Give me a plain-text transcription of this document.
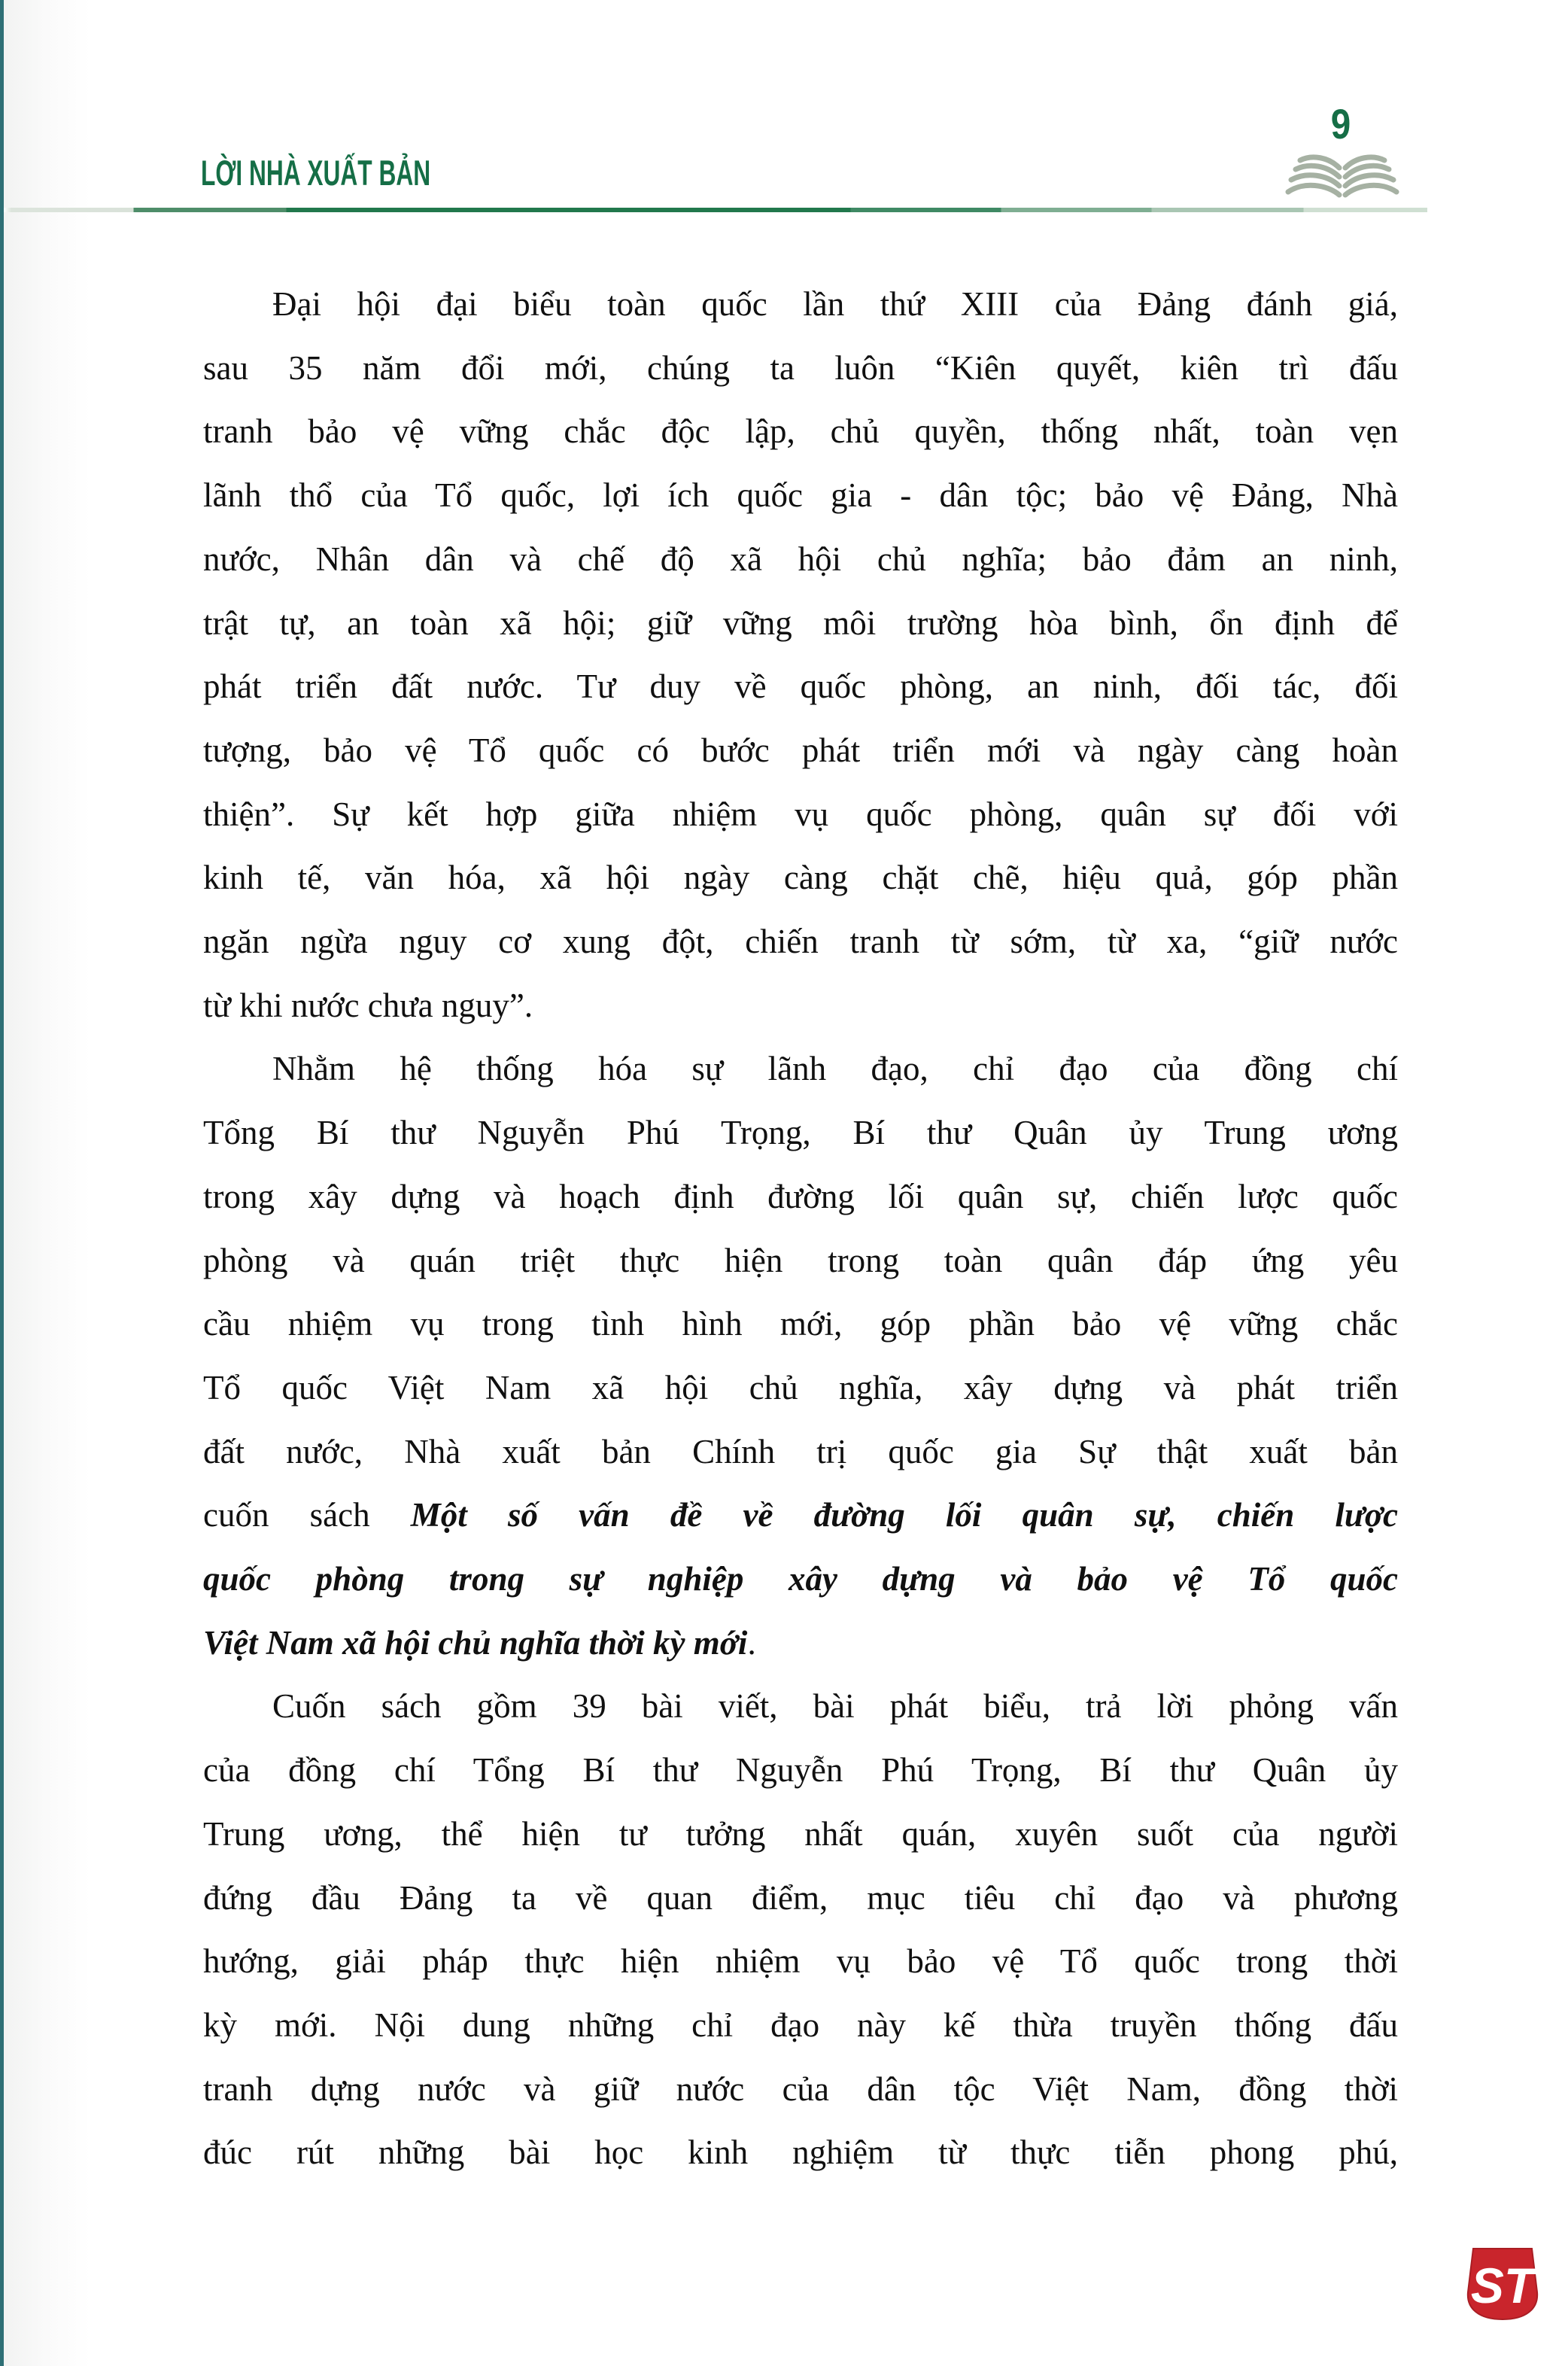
LỜI NHÀ XUẤT BẢN
9
Đại hội đại biểu toàn quốc lần thứ XIII của Đảng đánh giá,
sau 35 năm đổi mới, chúng ta luôn “Kiên quyết, kiên trì đấu
tranh bảo vệ vững chắc độc lập, chủ quyền, thống nhất, toàn vẹn
lãnh thổ của Tổ quốc, lợi ích quốc gia - dân tộc; bảo vệ Đảng, Nhà
nước, Nhân dân và chế độ xã hội chủ nghĩa; bảo đảm an ninh,
trật tự, an toàn xã hội; giữ vững môi trường hòa bình, ổn định để
phát triển đất nước. Tư duy về quốc phòng, an ninh, đối tác, đối
tượng, bảo vệ Tổ quốc có bước phát triển mới và ngày càng hoàn
thiện”. Sự kết hợp giữa nhiệm vụ quốc phòng, quân sự đối với
kinh tế, văn hóa, xã hội ngày càng chặt chẽ, hiệu quả, góp phần
ngăn ngừa nguy cơ xung đột, chiến tranh từ sớm, từ xa, “giữ nước
từ khi nước chưa nguy”.
Nhằm hệ thống hóa sự lãnh đạo, chỉ đạo của đồng chí
Tổng Bí thư Nguyễn Phú Trọng, Bí thư Quân ủy Trung ương
trong xây dựng và hoạch định đường lối quân sự, chiến lược quốc
phòng và quán triệt thực hiện trong toàn quân đáp ứng yêu
cầu nhiệm vụ trong tình hình mới, góp phần bảo vệ vững chắc
Tổ quốc Việt Nam xã hội chủ nghĩa, xây dựng và phát triển
đất nước, Nhà xuất bản Chính trị quốc gia Sự thật xuất bản
cuốn sách Một số vấn đề về đường lối quân sự, chiến lược
quốc phòng trong sự nghiệp xây dựng và bảo vệ Tổ quốc
Việt Nam xã hội chủ nghĩa thời kỳ mới.
Cuốn sách gồm 39 bài viết, bài phát biểu, trả lời phỏng vấn
của đồng chí Tổng Bí thư Nguyễn Phú Trọng, Bí thư Quân ủy
Trung ương, thể hiện tư tưởng nhất quán, xuyên suốt của người
đứng đầu Đảng ta về quan điểm, mục tiêu chỉ đạo và phương
hướng, giải pháp thực hiện nhiệm vụ bảo vệ Tổ quốc trong thời
kỳ mới. Nội dung những chỉ đạo này kế thừa truyền thống đấu
tranh dựng nước và giữ nước của dân tộc Việt Nam, đồng thời
đúc rút những bài học kinh nghiệm từ thực tiễn phong phú,
ST
